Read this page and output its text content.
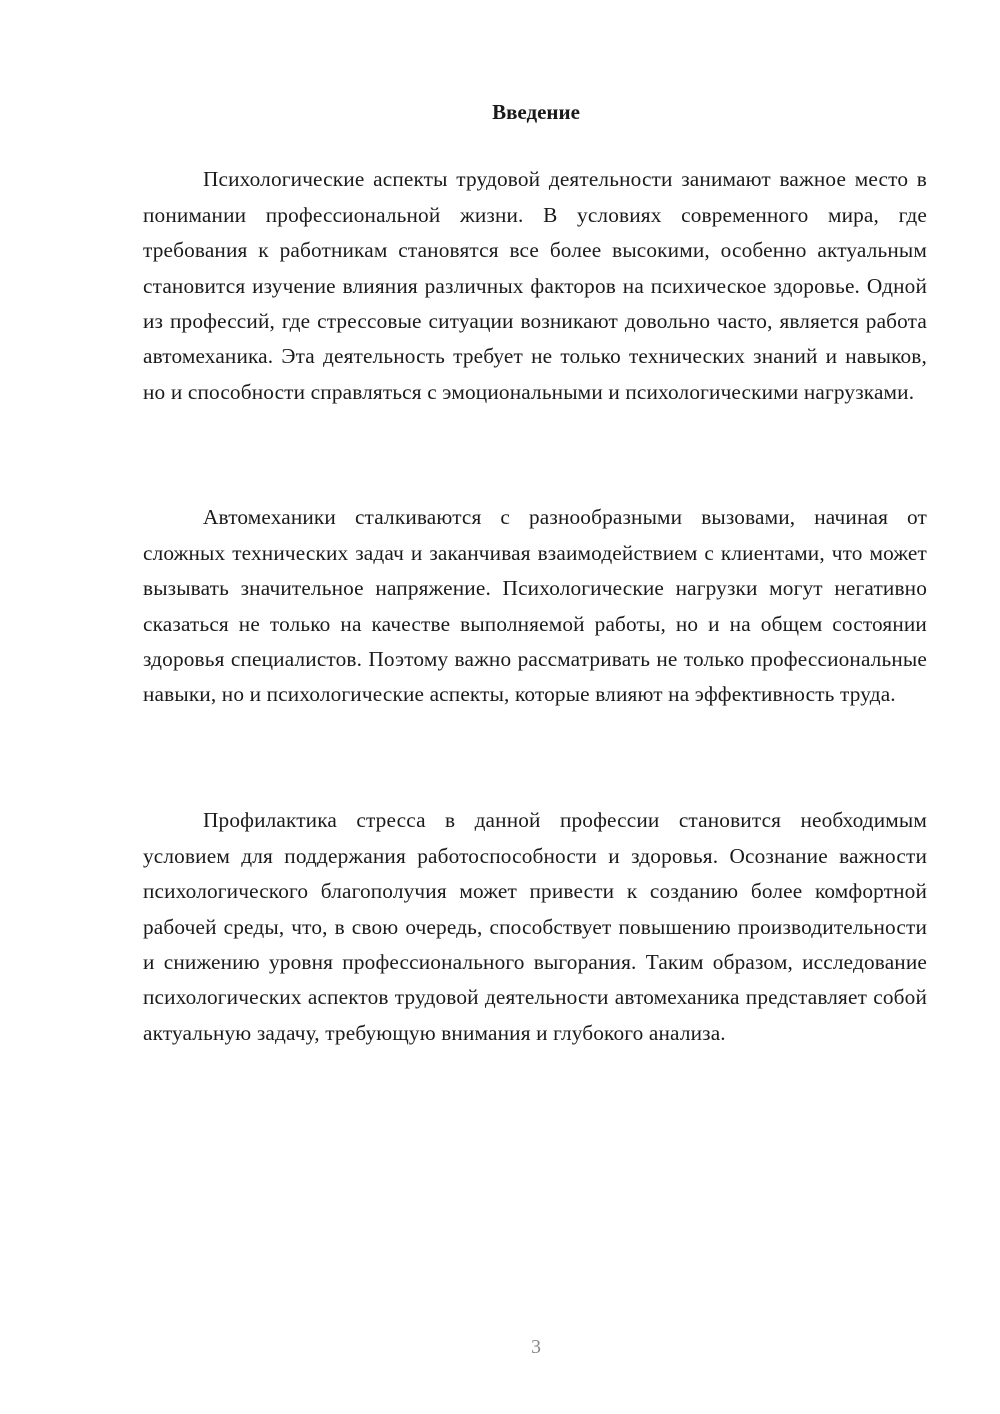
Введение

Психологические аспекты трудовой деятельности занимают важное место в понимании профессиональной жизни. В условиях современного мира, где требования к работникам становятся все более высокими, особенно актуальным становится изучение влияния различных факторов на психическое здоровье. Одной из профессий, где стрессовые ситуации возникают довольно часто, является работа автомеханика. Эта деятельность требует не только технических знаний и навыков, но и способности справляться с эмоциональными и психологическими нагрузками.

Автомеханики сталкиваются с разнообразными вызовами, начиная от сложных технических задач и заканчивая взаимодействием с клиентами, что может вызывать значительное напряжение. Психологические нагрузки могут негативно сказаться не только на качестве выполняемой работы, но и на общем состоянии здоровья специалистов. Поэтому важно рассматривать не только профессиональные навыки, но и психологические аспекты, которые влияют на эффективность труда.

Профилактика стресса в данной профессии становится необходимым условием для поддержания работоспособности и здоровья. Осознание важности психологического благополучия может привести к созданию более комфортной рабочей среды, что, в свою очередь, способствует повышению производительности и снижению уровня профессионального выгорания. Таким образом, исследование психологических аспектов трудовой деятельности автомеханика представляет собой актуальную задачу, требующую внимания и глубокого анализа.

3
